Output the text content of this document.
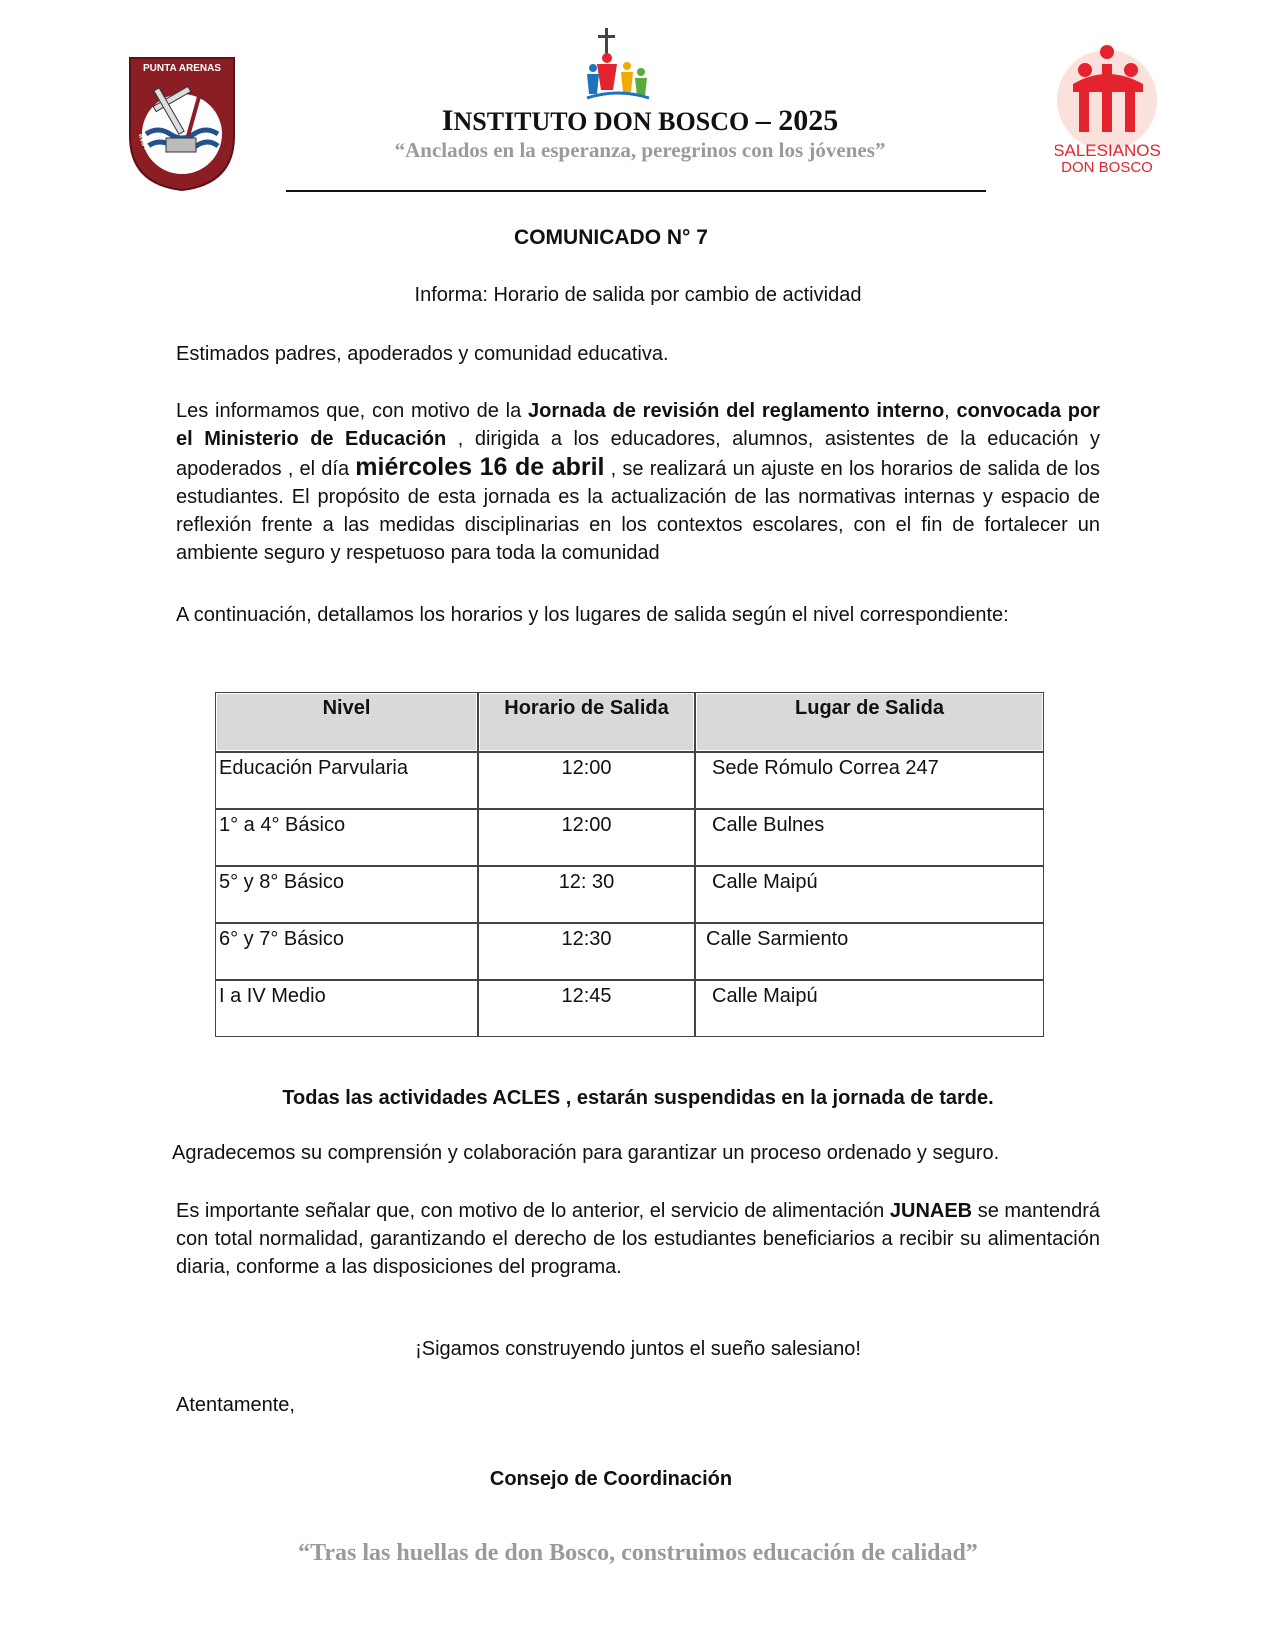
PUNTA ARENAS
INSTITUTO DON BOSCO	SALESIANOS
DON BOSCO
INSTITUTO DON BOSCO – 2025
“Anclados en la esperanza, peregrinos con los jóvenes”
COMUNICADO N° 7
Informa: Horario de salida por cambio de actividad
Estimados padres, apoderados y comunidad educativa.
Les informamos que, con motivo de la Jornada de revisión del reglamento interno, convocada por el Ministerio de Educación , dirigida a los educadores, alumnos, asistentes de la educación y apoderados , el día miércoles 16 de abril , se realizará un ajuste en los horarios de salida de los estudiantes. El propósito de esta jornada es la actualización de las normativas internas y espacio de reflexión frente a las medidas disciplinarias en los contextos escolares, con el fin de fortalecer un ambiente seguro y respetuoso para toda la comunidad
A continuación, detallamos los horarios y los lugares de salida según el nivel correspondiente:
Nivel	Horario de Salida	Lugar de Salida
Educación Parvularia	12:00	Sede Rómulo Correa 247
1° a 4° Básico	12:00	Calle Bulnes
5° y 8° Básico	12: 30	Calle Maipú
6° y 7° Básico	12:30	Calle Sarmiento
I a IV Medio	12:45	Calle Maipú
Todas las actividades ACLES , estarán suspendidas en la jornada de tarde.
Agradecemos su comprensión y colaboración para garantizar un proceso ordenado y seguro.
Es importante señalar que, con motivo de lo anterior, el servicio de alimentación JUNAEB se mantendrá con total normalidad, garantizando el derecho de los estudiantes beneficiarios a recibir su alimentación diaria, conforme a las disposiciones del programa.
¡Sigamos construyendo juntos el sueño salesiano!
Atentamente,
Consejo de Coordinación
“Tras las huellas de don Bosco, construimos educación de calidad”
